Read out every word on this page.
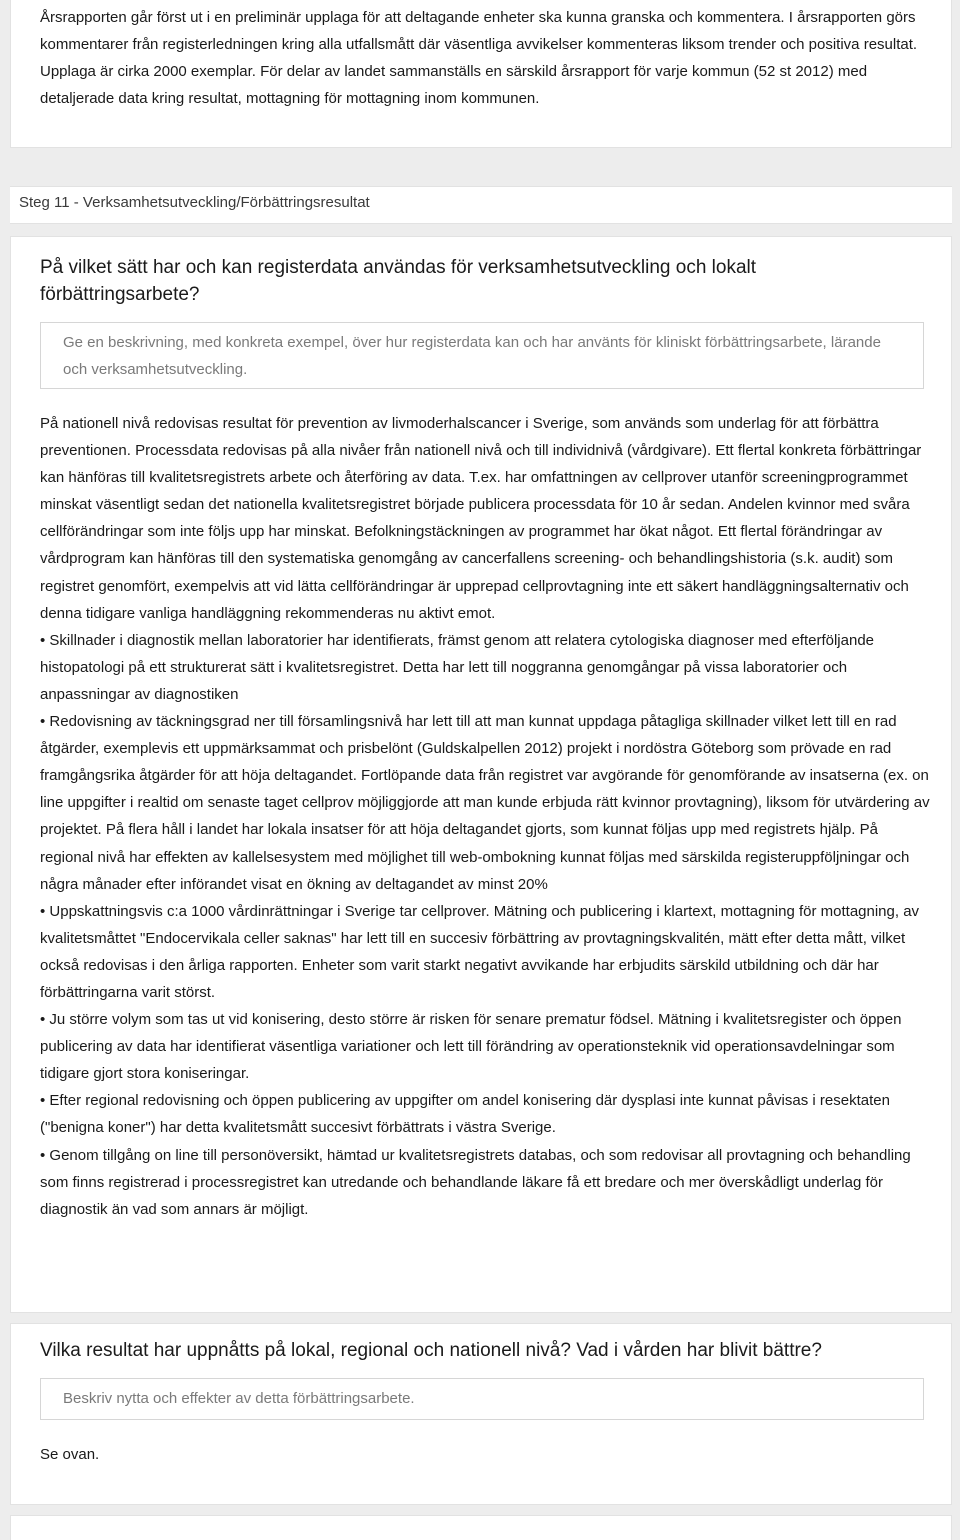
Årsrapporten går först ut i en preliminär upplaga för att deltagande enheter ska kunna granska och kommentera. I årsrapporten görs kommentarer från registerledningen kring alla utfallsmått där väsentliga avvikelser kommenteras liksom trender och positiva resultat. Upplaga är cirka 2000 exemplar. För delar av landet sammanställs en särskild årsrapport för varje kommun (52 st 2012) med detaljerade data kring resultat, mottagning för mottagning inom kommunen.

Steg 11 - Verksamhetsutveckling/Förbättringsresultat
På vilket sätt har och kan registerdata användas för verksamhetsutveckling och lokalt förbättringsarbete?
Ge en beskrivning, med konkreta exempel, över hur registerdata kan och har använts för kliniskt förbättringsarbete, lärande och verksamhetsutveckling.

På nationell nivå redovisas resultat för prevention av livmoderhalscancer i Sverige, som används som underlag för att förbättra preventionen. Processdata redovisas på alla nivåer från nationell nivå och till individnivå (vårdgivare). Ett flertal konkreta förbättringar kan hänföras till kvalitetsregistrets arbete och återföring av data. T.ex. har omfattningen av cellprover utanför screeningprogrammet minskat väsentligt sedan det nationella kvalitetsregistret började publicera processdata för 10 år sedan. Andelen kvinnor med svåra cellförändringar som inte följs upp har minskat. Befolkningstäckningen av programmet har ökat något. Ett flertal förändringar av vårdprogram kan hänföras till den systematiska genomgång av cancerfallens screening- och behandlingshistoria (s.k. audit) som registret genomfört, exempelvis att vid lätta cellförändringar är upprepad cellprovtagning inte ett säkert handläggningsalternativ och denna tidigare vanliga handläggning rekommenderas nu aktivt emot.

• Skillnader i diagnostik mellan laboratorier har identifierats, främst genom att relatera cytologiska diagnoser med efterföljande histopatologi på ett strukturerat sätt i kvalitetsregistret. Detta har lett till noggranna genomgångar på vissa laboratorier och anpassningar av diagnostiken

• Redovisning av täckningsgrad ner till församlingsnivå har lett till att man kunnat uppdaga påtagliga skillnader vilket lett till en rad åtgärder, exemplevis ett uppmärksammat och prisbelönt (Guldskalpellen 2012) projekt i nordöstra Göteborg som prövade en rad framgångsrika åtgärder för att höja deltagandet. Fortlöpande data från registret var avgörande för genomförande av insatserna (ex. on line uppgifter i realtid om senaste taget cellprov möjliggjorde att man kunde erbjuda rätt kvinnor provtagning), liksom för utvärdering av projektet. På flera håll i landet har lokala insatser för att höja deltagandet gjorts, som kunnat följas upp med registrets hjälp. På regional nivå har effekten av kallelsesystem med möjlighet till web-ombokning kunnat följas med särskilda registeruppföljningar och några månader efter införandet visat en ökning av deltagandet av minst 20%

• Uppskattningsvis c:a 1000 vårdinrättningar i Sverige tar cellprover. Mätning och publicering i klartext, mottagning för mottagning, av kvalitetsmåttet "Endocervikala celler saknas" har lett till en succesiv förbättring av provtagningskvalitén, mätt efter detta mått, vilket också redovisas i den årliga rapporten. Enheter som varit starkt negativt avvikande har erbjudits särskild utbildning och där har förbättringarna varit störst.

• Ju större volym som tas ut vid konisering, desto större är risken för senare prematur födsel. Mätning i kvalitetsregister och öppen publicering av data har identifierat väsentliga variationer och lett till förändring av operationsteknik vid operationsavdelningar som tidigare gjort stora koniseringar.

• Efter regional redovisning och öppen publicering av uppgifter om andel konisering där dysplasi inte kunnat påvisas i resektaten ("benigna koner") har detta kvalitetsmått succesivt förbättrats i västra Sverige.

• Genom tillgång on line till personöversikt, hämtad ur kvalitetsregistrets databas, och som redovisar all provtagning och behandling som finns registrerad i processregistret kan utredande och behandlande läkare få ett bredare och mer överskådligt underlag för diagnostik än vad som annars är möjligt.

Vilka resultat har uppnåtts på lokal, regional och nationell nivå? Vad i vården har blivit bättre?
Beskriv nytta och effekter av detta förbättringsarbete.
Se ovan.
